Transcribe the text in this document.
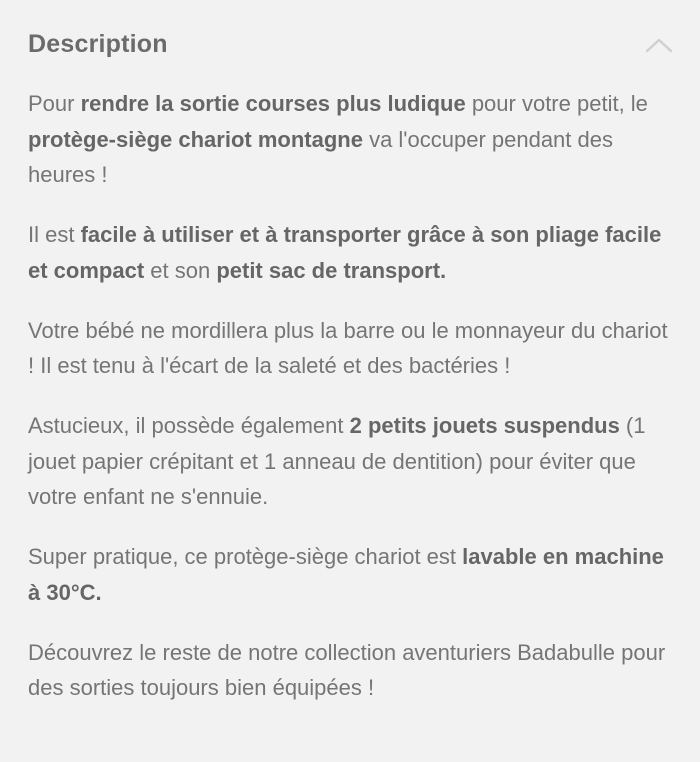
Description

Pour rendre la sortie courses plus ludique pour votre petit, le protège-siège chariot montagne va l'occuper pendant des heures !

Il est facile à utiliser et à transporter grâce à son pliage facile et compact et son petit sac de transport.

Votre bébé ne mordillera plus la barre ou le monnayeur du chariot ! Il est tenu à l'écart de la saleté et des bactéries !

Astucieux, il possède également 2 petits jouets suspendus (1 jouet papier crépitant et 1 anneau de dentition) pour éviter que votre enfant ne s'ennuie.

Super pratique, ce protège-siège chariot est lavable en machine à 30°C.

Découvrez le reste de notre collection aventuriers Badabulle pour des sorties toujours bien équipées !
